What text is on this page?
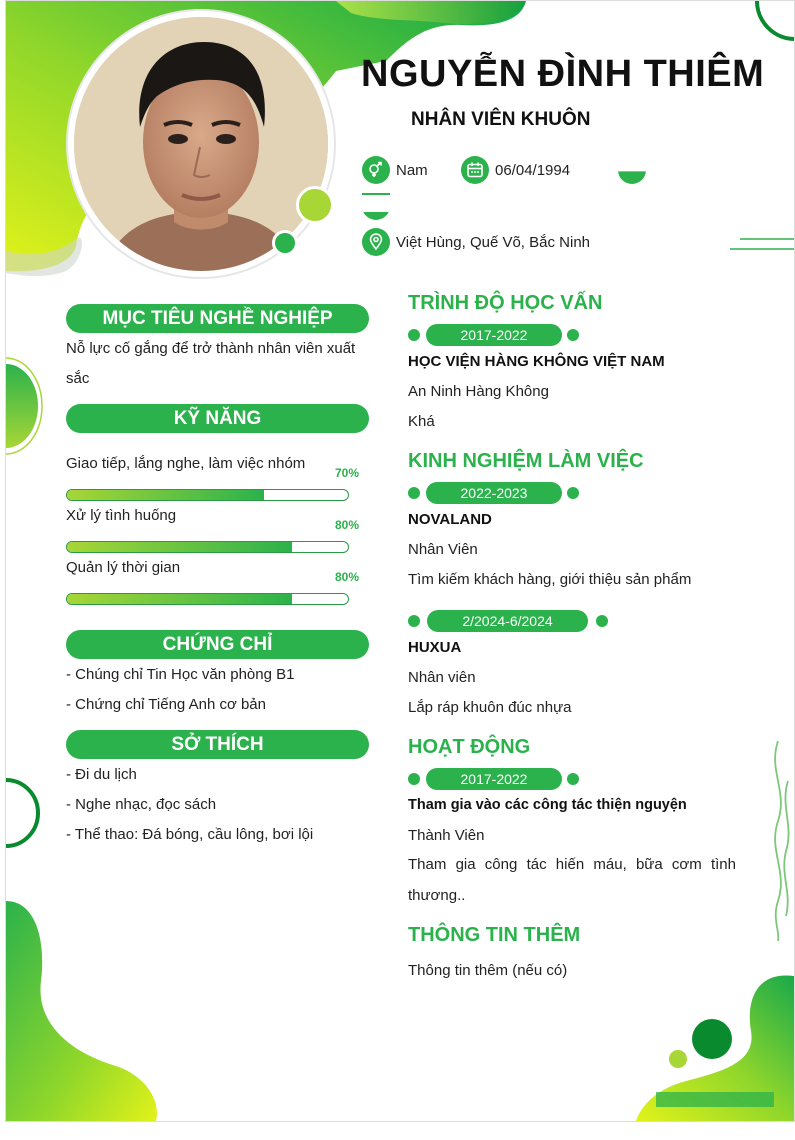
NGUYỄN ĐÌNH THIÊM
NHÂN VIÊN KHUÔN
Nam	06/04/1994
Việt Hùng, Quế Võ, Bắc Ninh
MỤC TIÊU NGHỀ NGHIỆP
Nỗ lực cố gắng để trở thành nhân viên xuất
sắc
KỸ NĂNG
Giao tiếp, lắng nghe, làm việc nhóm
70%
Xử lý tình huống
80%
Quản lý thời gian
80%
CHỨNG CHỈ
- Chúng chỉ Tin Học văn phòng B1
- Chứng chỉ Tiếng Anh cơ bản
SỞ THÍCH
- Đi du lịch
- Nghe nhạc, đọc sách
- Thể thao: Đá bóng, cầu lông, bơi lội
TRÌNH ĐỘ HỌC VẤN
2017-2022
HỌC VIỆN HÀNG KHÔNG VIỆT NAM
An Ninh Hàng Không
Khá
KINH NGHIỆM LÀM VIỆC
2022-2023
NOVALAND
Nhân Viên
Tìm kiếm khách hàng, giới thiệu sản phẩm
2/2024-6/2024
HUXUA
Nhân viên
Lắp ráp khuôn đúc nhựa
HOẠT ĐỘNG
2017-2022
Tham gia vào các công tác thiện nguyện
Thành Viên
Tham gia công tác hiến máu, bữa cơm tình
thương..
THÔNG TIN THÊM
Thông tin thêm (nếu có)
